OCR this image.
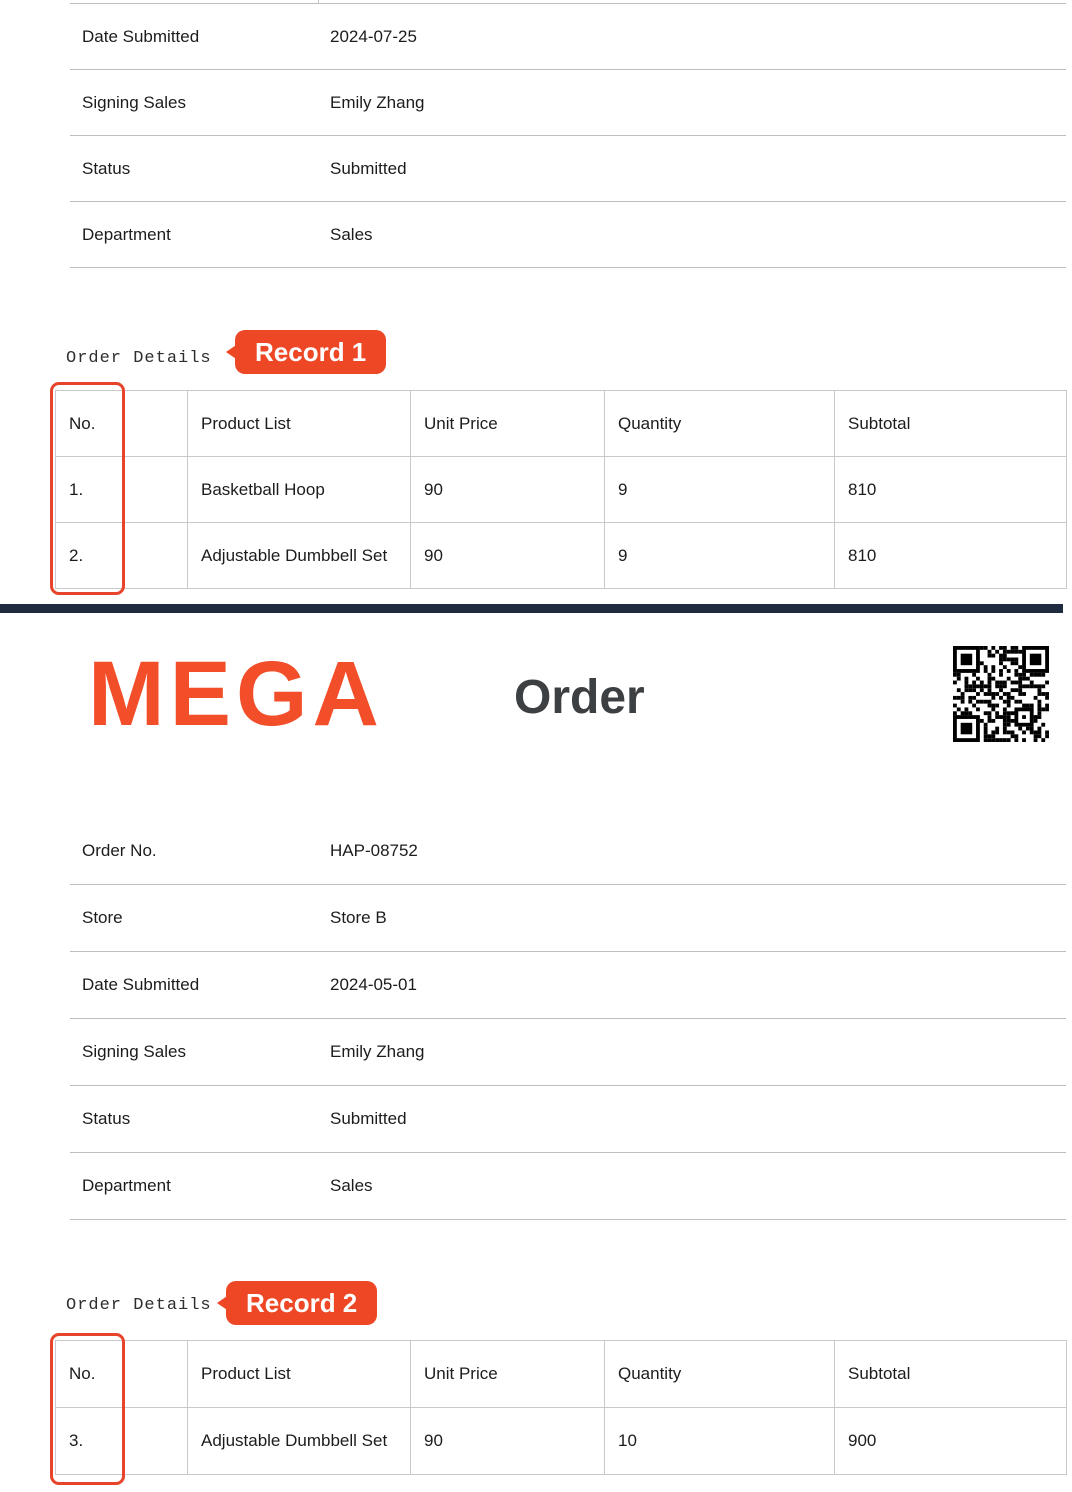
Date Submitted	2024-07-25
Signing Sales	Emily Zhang
Status	Submitted
Department	Sales
Order Details	Record 1
No.		Product List	Unit Price	Quantity	Subtotal
1.		Basketball Hoop	90	9	810
2.		Adjustable Dumbbell Set	90	9	810
MEGA	Order
Order No.	HAP-08752
Store	Store B
Date Submitted	2024-05-01
Signing Sales	Emily Zhang
Status	Submitted
Department	Sales
Order Details	Record 2
No.		Product List	Unit Price	Quantity	Subtotal
3.		Adjustable Dumbbell Set	90	10	900
